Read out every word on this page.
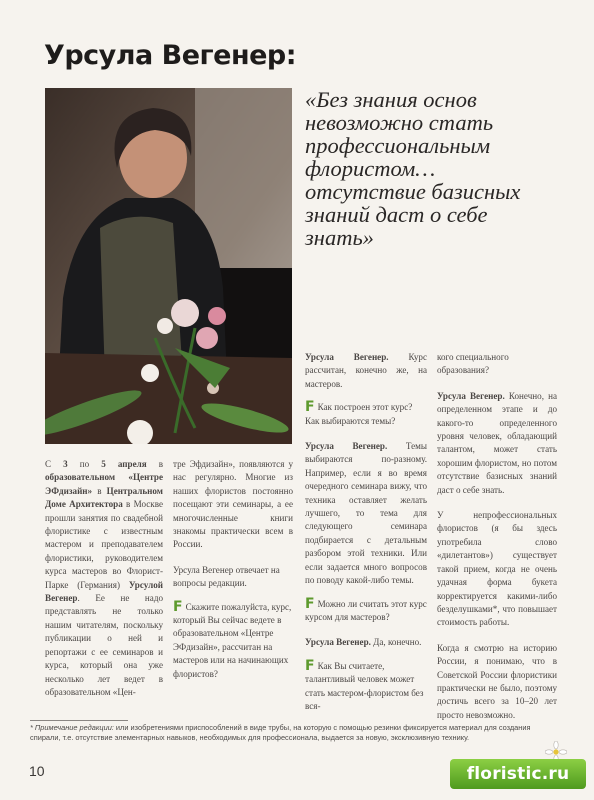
Урсула Вегенер:

«Без знания основ невозможно стать профессиональным флористом… отсутствие базисных знаний даст о себе знать»

С 3 по 5 апреля в образовательном «Центре ЭФдизайн» в Центральном Доме Архитектора в Москве прошли занятия по свадебной флористике с известным мастером и преподавателем флористики, руководителем курса мастеров во Флорист-Парке (Германия) Урсулой Вегенер. Ее не надо представлять не только нашим читателям, поскольку публикации о ней и репортажи с ее семинаров и курса, который она уже несколько лет ведет в образовательном «Цен-

тре Эфдизайн», появляются у нас регулярно. Многие из наших флористов постоянно посещают эти семинары, а ее многочисленные книги знакомы практически всем в России.

Урсула Вегенер отвечает на вопросы редакции.

F Скажите пожалуйста, курс, который Вы сейчас ведете в образовательном «Центре ЭФдизайн», рассчитан на мастеров или на начинающих флористов?

Урсула Вегенер. Курс рассчитан, конечно же, на мастеров.

F Как построен этот курс? Как выбираются темы?

Урсула Вегенер. Темы выбираются по-разному. Например, если я во время очередного семинара вижу, что техника оставляет желать лучшего, то тема для следующего семинара подбирается с детальным разбором этой техники. Или если задается много вопросов по поводу какой-либо темы.

F Можно ли считать этот курс курсом для мастеров?

Урсула Вегенер. Да, конечно.

F Как Вы считаете, талантливый человек может стать мастером-флористом без вся-

кого специального образования?

Урсула Вегенер. Конечно, на определенном этапе и до какого-то определенного уровня человек, обладающий талантом, может стать хорошим флористом, но потом отсутствие базисных знаний даст о себе знать.

У непрофессиональных флористов (я бы здесь употребила слово «дилетантов») существует такой прием, когда не очень удачная форма букета корректируется какими-либо безделушками*, что повышает стоимость работы.

Когда я смотрю на историю России, я понимаю, что в Советской России флористики практически не было, поэтому достичь всего за 10–20 лет просто невозможно.

* Примечание редакции: или изобретениями приспособлений в виде трубы, на которую с помощью резинки фиксируется материал для создания спирали, т.е. отсутствие элементарных навыков, необходимых для профессионала, выдается за новую, эксклюзивную технику.
10	floristic.ru
